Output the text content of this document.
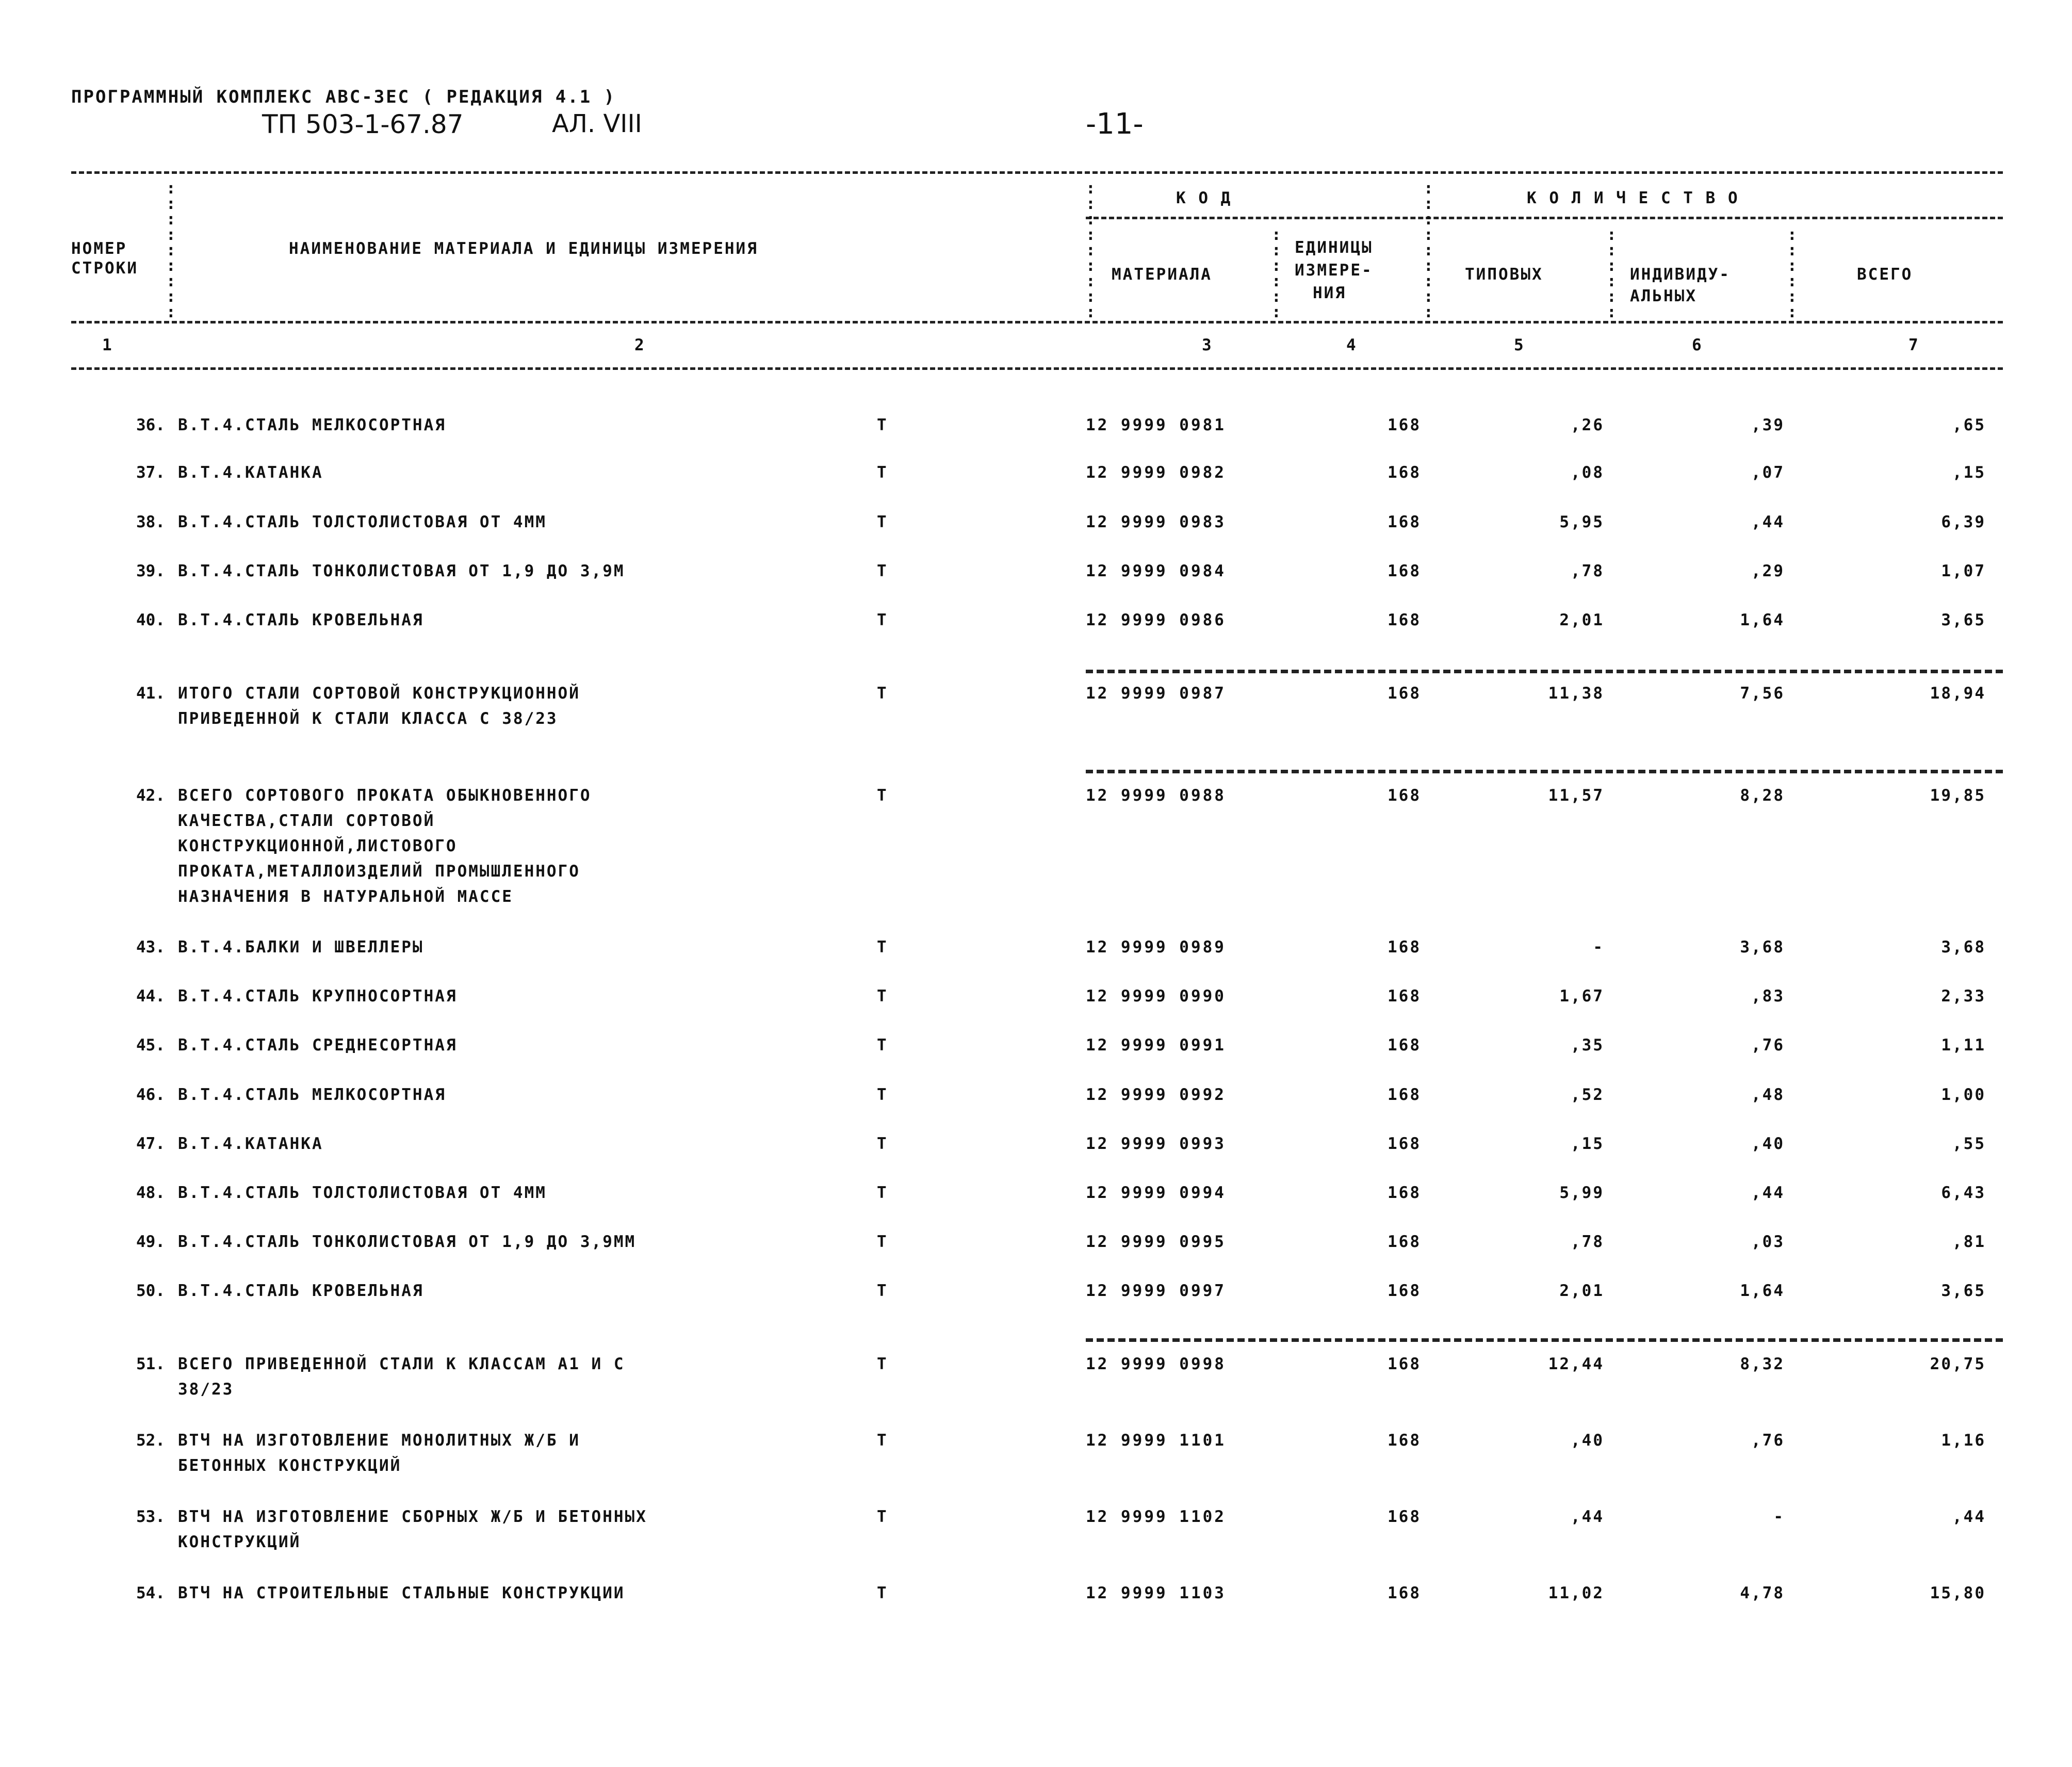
ПРОГРАММНЫЙ КОМПЛЕКС АВС-ЗЕС ( РЕДАКЦИЯ 4.1 )
ТП 503-1-67.87	АЛ. VIII	-11-
:
:
:
:
:
:
:
:
:
:
:
:
:
:
:
:
:
:
:
:
:
:
:
:
:
:
:
:
:
:
:
:
:
:
:
:
:
:
:
:
:
:
:
:
:
НОМЕР
СТРОКИ
НАИМЕНОВАНИЕ МАТЕРИАЛА И ЕДИНИЦЫ ИЗМЕРЕНИЯ
К О Д	К О Л И Ч Е С Т В О
МАТЕРИАЛА
ЕДИНИЦЫ
ИЗМЕРЕ-
НИЯ
ТИПОВЫХ	ИНДИВИДУ-
АЛЬНЫХ
ВСЕГО
1	2	3	4	5	6	7
36. В.Т.4.СТАЛЬ МЕЛКОСОРТНАЯ	Т	12 9999 0981	168	,26	,39	,65
37. В.Т.4.КАТАНКА	Т	12 9999 0982	168	,08	,07	,15
38. В.Т.4.СТАЛЬ ТОЛСТОЛИСТОВАЯ ОТ 4ММ	Т	12 9999 0983	168	5,95	,44	6,39
39. В.Т.4.СТАЛЬ ТОНКОЛИСТОВАЯ ОТ 1,9 ДО 3,9М	Т	12 9999 0984	168	,78	,29	1,07
40. В.Т.4.СТАЛЬ КРОВЕЛЬНАЯ	Т	12 9999 0986	168	2,01	1,64	3,65
41. ИТОГО СТАЛИ СОРТОВОЙ КОНСТРУКЦИОННОЙ
ПРИВЕДЕННОЙ К СТАЛИ КЛАССА С 38/23
Т	12 9999 0987	168	11,38	7,56	18,94
42. ВСЕГО СОРТОВОГО ПРОКАТА ОБЫКНОВЕННОГО
КАЧЕСТВА,СТАЛИ СОРТОВОЙ
КОНСТРУКЦИОННОЙ,ЛИСТОВОГО
ПРОКАТА,МЕТАЛЛОИЗДЕЛИЙ ПРОМЫШЛЕННОГО
НАЗНАЧЕНИЯ В НАТУРАЛЬНОЙ МАССЕ
Т	12 9999 0988	168	11,57	8,28	19,85
43. В.Т.4.БАЛКИ И ШВЕЛЛЕРЫ	Т	12 9999 0989	168	-	3,68	3,68
44. В.Т.4.СТАЛЬ КРУПНОСОРТНАЯ	Т	12 9999 0990	168	1,67	,83	2,33
45. В.Т.4.СТАЛЬ СРЕДНЕСОРТНАЯ	Т	12 9999 0991	168	,35	,76	1,11
46. В.Т.4.СТАЛЬ МЕЛКОСОРТНАЯ	Т	12 9999 0992	168	,52	,48	1,00
47. В.Т.4.КАТАНКА	Т	12 9999 0993	168	,15	,40	,55
48. В.Т.4.СТАЛЬ ТОЛСТОЛИСТОВАЯ ОТ 4ММ	Т	12 9999 0994	168	5,99	,44	6,43
49. В.Т.4.СТАЛЬ ТОНКОЛИСТОВАЯ ОТ 1,9 ДО 3,9ММ	Т	12 9999 0995	168	,78	,03	,81
50. В.Т.4.СТАЛЬ КРОВЕЛЬНАЯ	Т	12 9999 0997	168	2,01	1,64	3,65
51. ВСЕГО ПРИВЕДЕННОЙ СТАЛИ К КЛАССАМ А1 И С
38/23
Т	12 9999 0998	168	12,44	8,32	20,75
52. ВТЧ НА ИЗГОТОВЛЕНИЕ МОНОЛИТНЫХ Ж/Б И
БЕТОННЫХ КОНСТРУКЦИЙ
Т	12 9999 1101	168	,40	,76	1,16
53. ВТЧ НА ИЗГОТОВЛЕНИЕ СБОРНЫХ Ж/Б И БЕТОННЫХ
КОНСТРУКЦИЙ
Т	12 9999 1102	168	,44	-	,44
54. ВТЧ НА СТРОИТЕЛЬНЫЕ СТАЛЬНЫЕ КОНСТРУКЦИИ	Т	12 9999 1103	168	11,02	4,78	15,80
